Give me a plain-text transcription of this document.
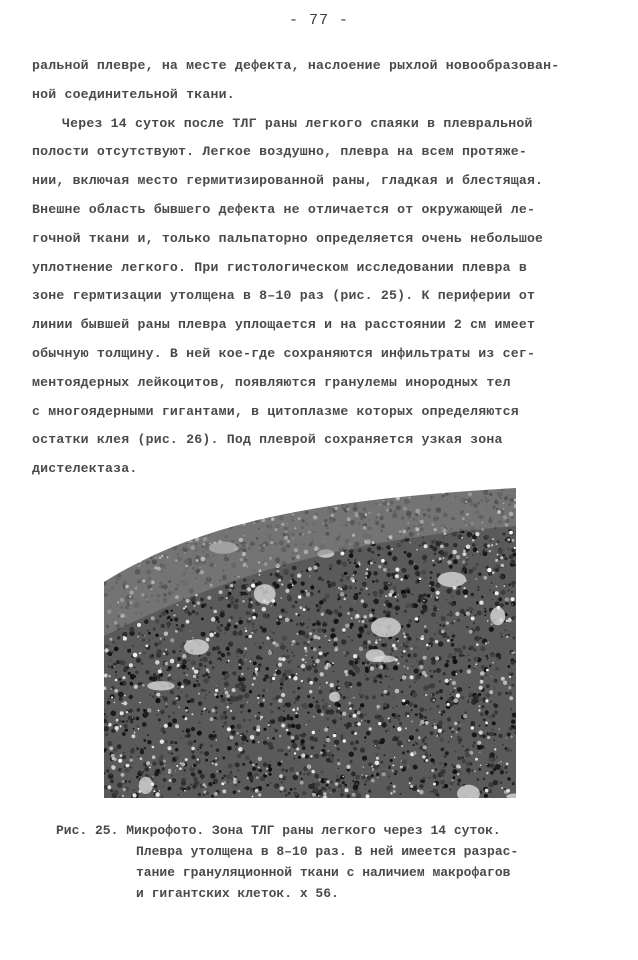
- 77 -
ральной плевре, на месте дефекта, наслоение рыхлой новообразован-
ной соединительной ткани.
Через 14 суток после ТЛГ раны легкого спаяки в плевральной
полости отсутствуют. Легкое воздушно, плевра на всем протяже-
нии, включая место гермитизированной раны, гладкая и блестящая.
Внешне область бывшего дефекта не отличается от окружающей ле-
гочной ткани и, только пальпаторно определяется очень небольшое
уплотнение легкого. При гистологическом исследовании плевра в
зоне гермтизации утолщена в 8–10 раз (рис. 25). К периферии от
линии бывшей раны плевра уплощается и на расстоянии 2 см имеет
обычную толщину. В ней кое-где сохраняются инфильтраты из сег-
ментоядерных лейкоцитов, появляются гранулемы инородных тел
с многоядерными гигантами, в цитоплазме которых определяются
остатки клея (рис. 26). Под плеврой сохраняется узкая зона
дистелектаза.
Рис. 25. Микрофото. Зона ТЛГ раны легкого через 14 суток.
Плевра утолщена в 8–10 раз. В ней имеется разрас-
тание грануляционной ткани с наличием макрофагов
и гигантских клеток. х 56.
